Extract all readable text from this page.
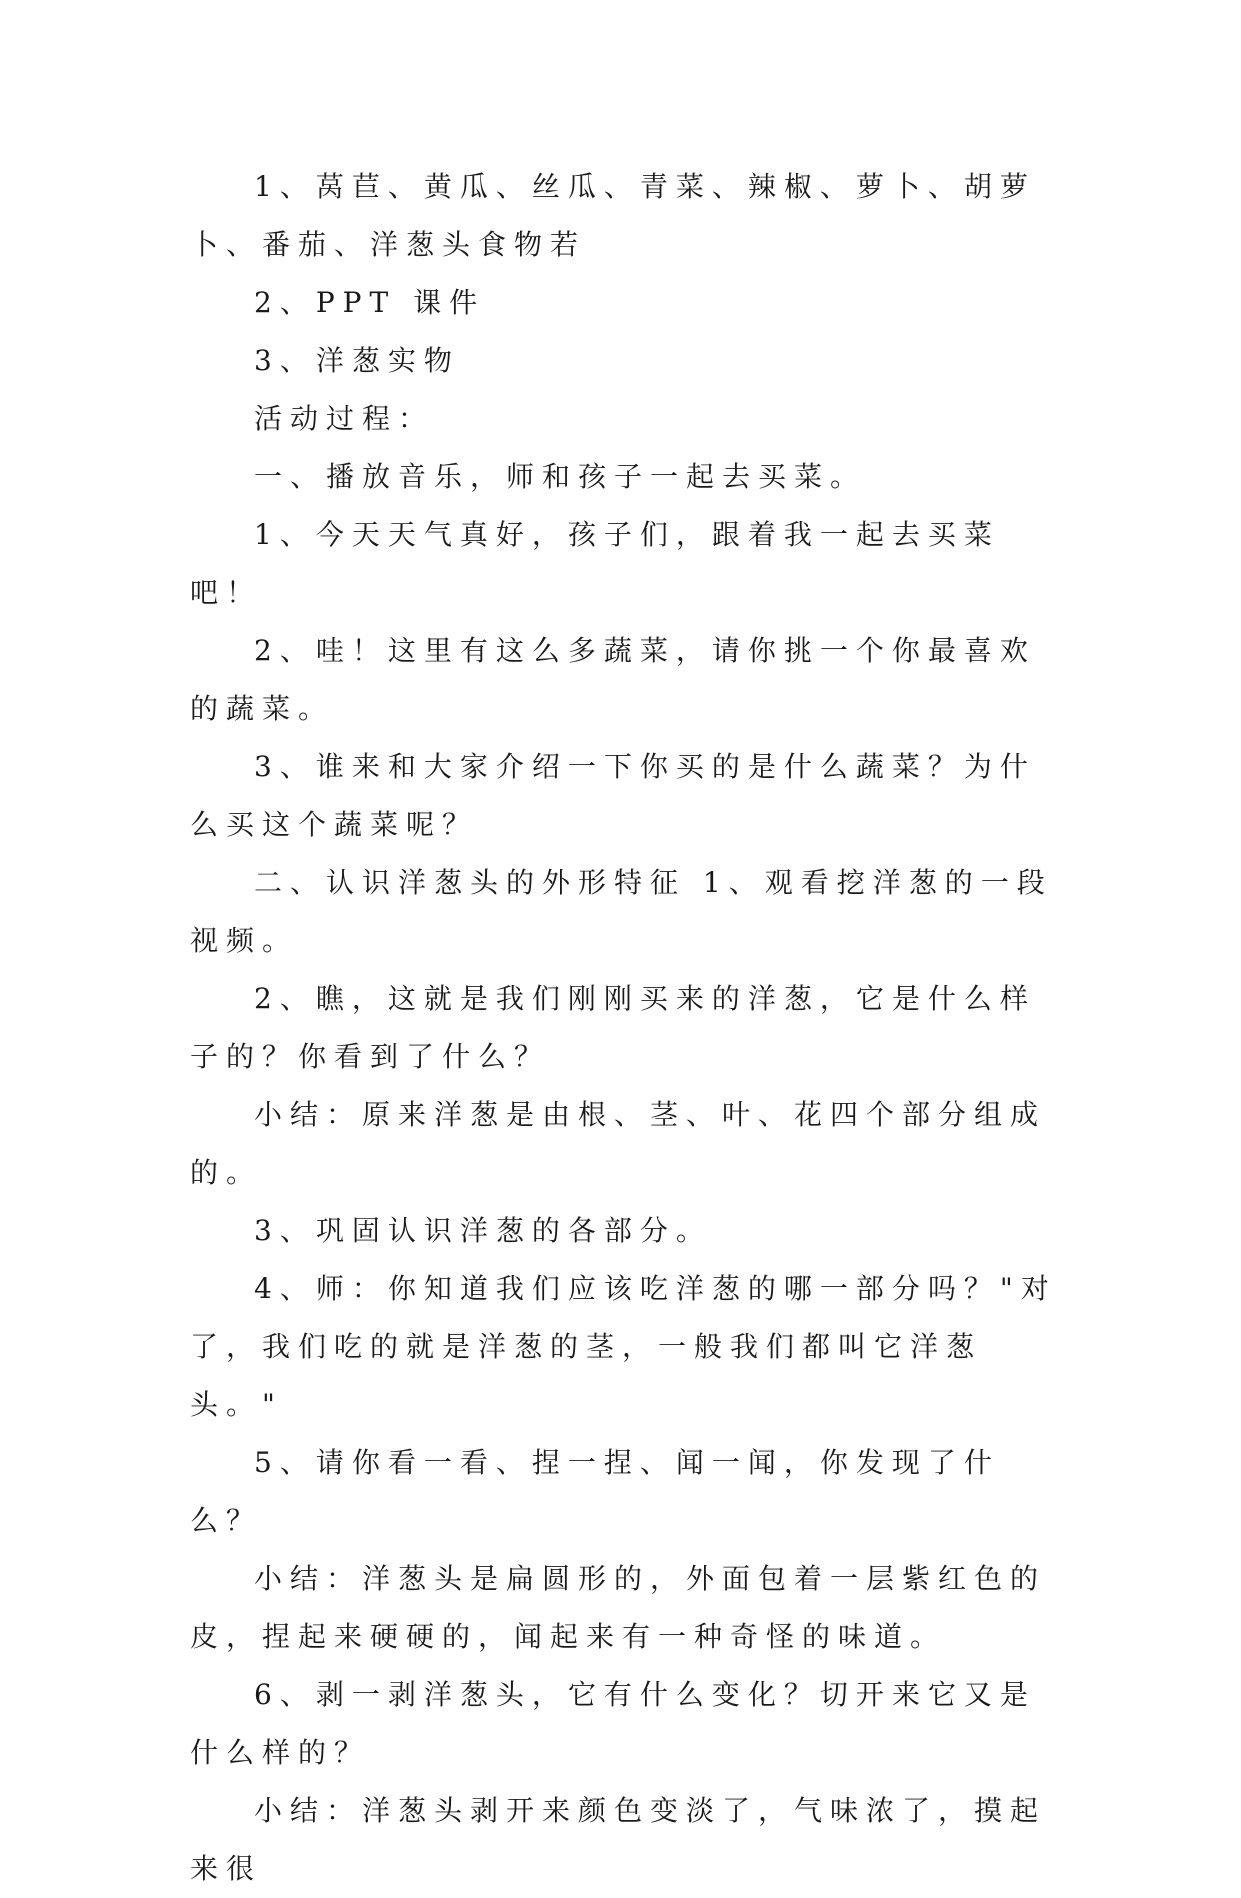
1、莴苣、黄瓜、丝瓜、青菜、辣椒、萝卜、胡萝卜、番茄、洋葱头食物若

2、PPT 课件

3、洋葱实物

活动过程：

一、播放音乐，师和孩子一起去买菜。

1、今天天气真好，孩子们，跟着我一起去买菜吧！

2、哇！这里有这么多蔬菜，请你挑一个你最喜欢的蔬菜。

3、谁来和大家介绍一下你买的是什么蔬菜？为什么买这个蔬菜呢？

二、认识洋葱头的外形特征 1、观看挖洋葱的一段视频。

2、瞧，这就是我们刚刚买来的洋葱，它是什么样子的？你看到了什么？

小结：原来洋葱是由根、茎、叶、花四个部分组成的。

3、巩固认识洋葱的各部分。

4、师：你知道我们应该吃洋葱的哪一部分吗？"对了，我们吃的就是洋葱的茎，一般我们都叫它洋葱头。"

5、请你看一看、捏一捏、闻一闻，你发现了什么？

小结：洋葱头是扁圆形的，外面包着一层紫红色的皮，捏起来硬硬的，闻起来有一种奇怪的味道。

6、剥一剥洋葱头，它有什么变化？切开来它又是什么样的？

小结：洋葱头剥开来颜色变淡了，气味浓了，摸起来很
